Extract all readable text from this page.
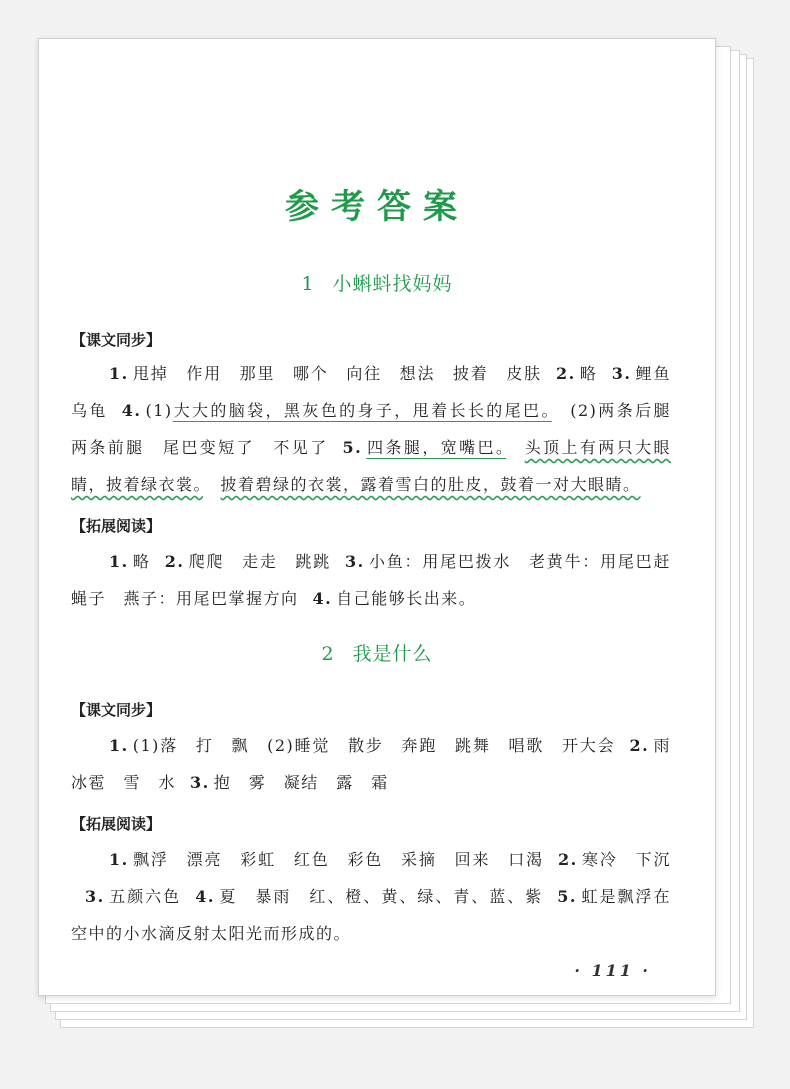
参考答案
1 小蝌蚪找妈妈
【课文同步】

1. 甩掉　作用　那里　哪个　向往　想法　披着　皮肤 2. 略 3. 鲤鱼　乌龟 4. (1)大大的脑袋，黑灰色的身子，甩着长长的尾巴。　(2)两条后腿　两条前腿　尾巴变短了　不见了 5. 四条腿，宽嘴巴。　 头顶上有两只大眼睛，披着绿衣裳。　 披着碧绿的衣裳，露着雪白的肚皮，鼓着一对大眼睛。

【拓展阅读】

1. 略 2. 爬爬　走走　跳跳 3. 小鱼：用尾巴拨水　老黄牛：用尾巴赶蝇子　燕子：用尾巴掌握方向 4. 自己能够长出来。

2 我是什么
【课文同步】

1. (1)落　打　飘　(2)睡觉　散步　奔跑　跳舞　唱歌　开大会 2. 雨　冰雹　雪　水 3. 抱　雾　凝结　露　霜

【拓展阅读】

1. 飘浮　漂亮　彩虹　红色　彩色　采摘　回来　口渴 2. 寒冷　下沉3. 五颜六色 4. 夏　暴雨　红、橙、黄、绿、青、蓝、紫 5. 虹是飘浮在空中的小水滴反射太阳光而形成的。

· 111 ·
